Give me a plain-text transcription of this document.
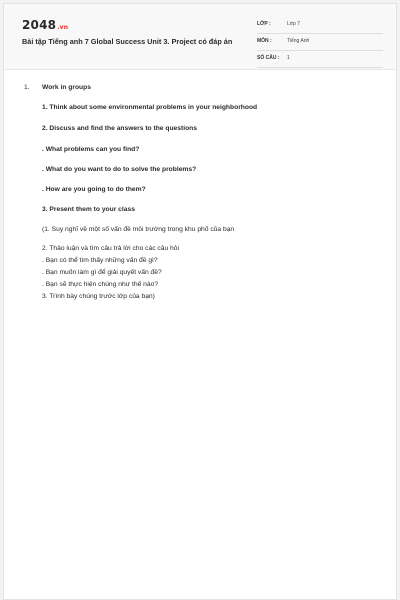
2048.vn
Bài tập Tiếng anh 7 Global Success Unit 3. Project có đáp án
LỚP :	Lớp 7
MÔN :	Tiếng Anh
SỐ CÂU : 1
1. Work in groups
1. Think about some environmental problems in your neighborhood
2. Discuss and find the answers to the questions
. What problems can you find?
. What do you want to do to solve the problems?
. How are you going to do them?
3. Present them to your class
(1. Suy nghĩ về một số vấn đề môi trường trong khu phố của bạn
2. Thảo luận và tìm câu trả lời cho các câu hỏi
. Bạn có thể tìm thấy những vấn đề gì?
. Bạn muốn làm gì để giải quyết vấn đề?
. Bạn sẽ thực hiện chúng như thế nào?
3. Trình bày chúng trước lớp của bạn)
